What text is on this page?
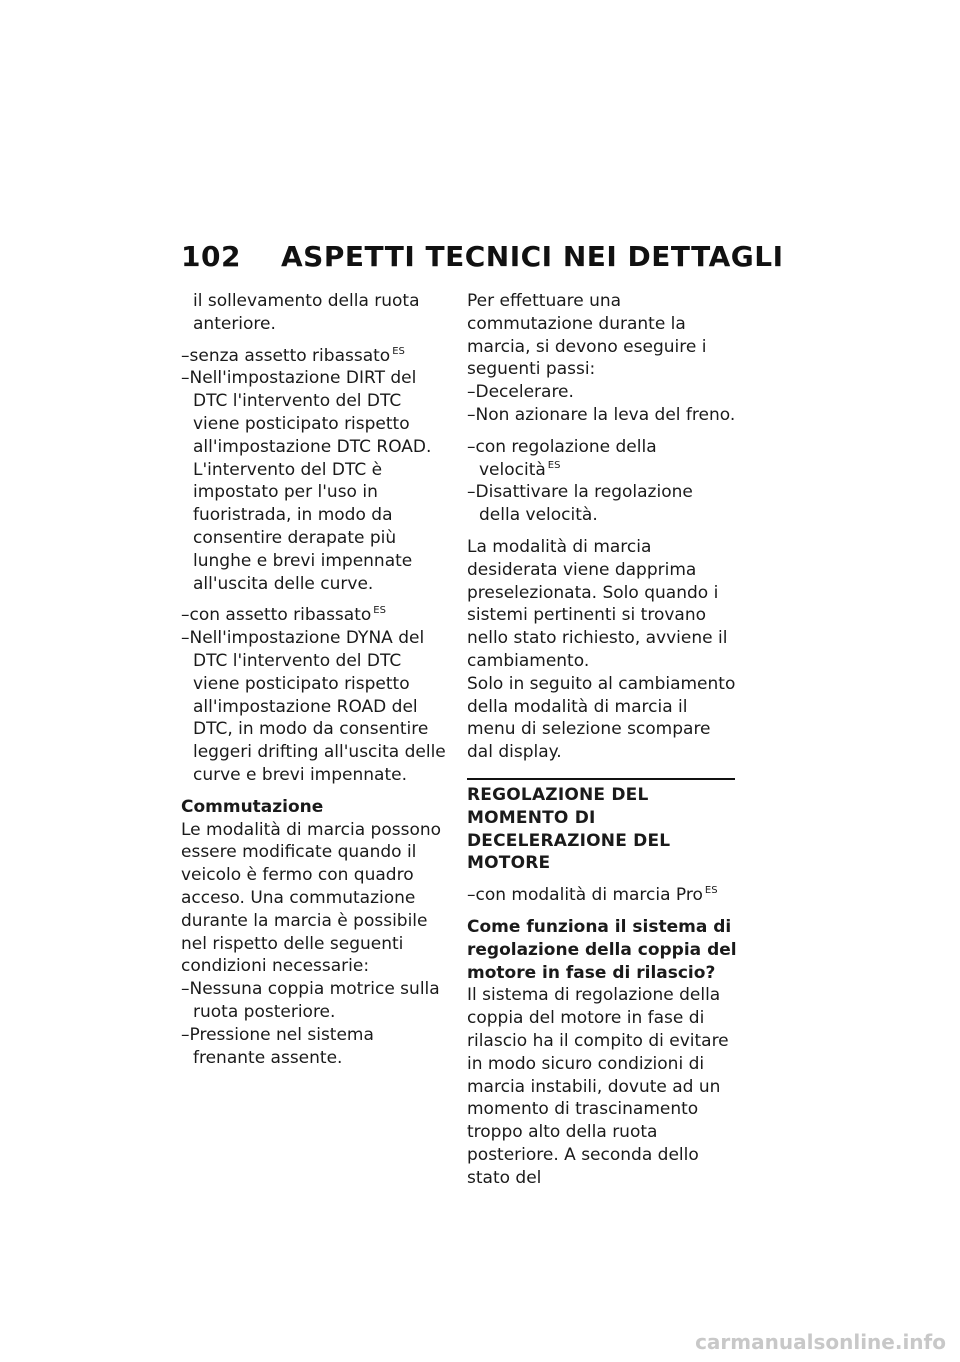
102 ASPETTI TECNICI NEI DETTAGLI

il sollevamento della ruota anteriore.

–senza assetto ribassato $^{ES}$

–Nell'impostazione DIRT del DTC l'intervento del DTC viene posticipato rispetto all'impostazione DTC ROAD. L'intervento del DTC è impostato per l'uso in fuoristrada, in modo da consentire derapate più lunghe e brevi impennate all'uscita delle curve.

–con assetto ribassato $^{ES}$

–Nell'impostazione DYNA del DTC l'intervento del DTC viene posticipato rispetto all'impostazione ROAD del DTC, in modo da consentire leggeri drifting all'uscita delle curve e brevi impennate.

Commutazione

Le modalità di marcia possono essere modificate quando il veicolo è fermo con quadro acceso. Una commutazione durante la marcia è possibile nel rispetto delle seguenti condizioni necessarie:

–Nessuna coppia motrice sulla ruota posteriore.

–Pressione nel sistema frenante assente.

Per effettuare una commutazione durante la marcia, si devono eseguire i seguenti passi:

–Decelerare.

–Non azionare la leva del freno.

–con regolazione della velocità $^{ES}$

–Disattivare la regolazione della velocità.

La modalità di marcia desiderata viene dapprima preselezionata. Solo quando i sistemi pertinenti si trovano nello stato richiesto, avviene il cambiamento.

Solo in seguito al cambiamento della modalità di marcia il menu di selezione scompare dal display.

REGOLAZIONE DEL MOMENTO DI DECELERAZIONE DEL MOTORE

–con modalità di marcia Pro $^{ES}$

Come funziona il sistema di regolazione della coppia del motore in fase di rilascio?

Il sistema di regolazione della coppia del motore in fase di rilascio ha il compito di evitare in modo sicuro condizioni di marcia instabili, dovute ad un momento di trascinamento troppo alto della ruota posteriore. A seconda dello stato del

carmanualsonline.info
